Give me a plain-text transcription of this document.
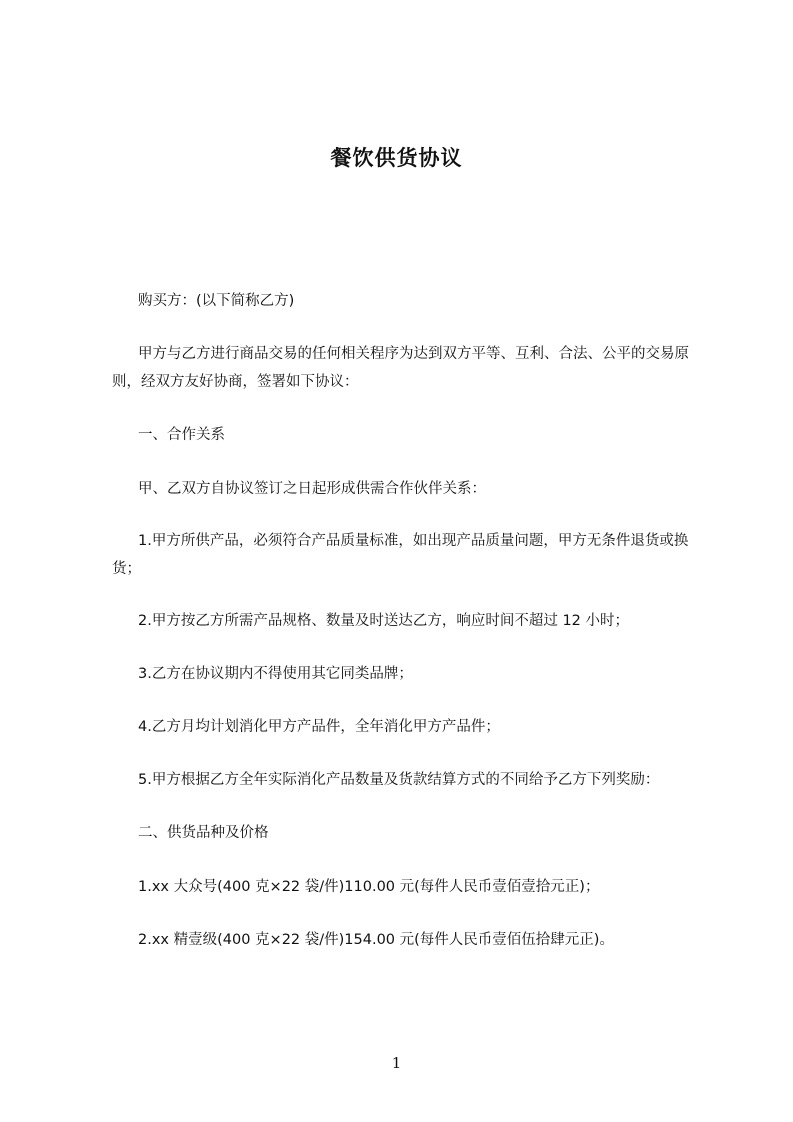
餐饮供货协议
购买方：(以下简称乙方)
甲方与乙方进行商品交易的任何相关程序为达到双方平等、互利、合法、公平的交易原则，经双方友好协商，签署如下协议：
一、合作关系
甲、乙双方自协议签订之日起形成供需合作伙伴关系：
1.甲方所供产品，必须符合产品质量标准，如出现产品质量问题，甲方无条件退货或换货；
2.甲方按乙方所需产品规格、数量及时送达乙方，响应时间不超过 12 小时；
3.乙方在协议期内不得使用其它同类品牌；
4.乙方月均计划消化甲方产品件，全年消化甲方产品件；
5.甲方根据乙方全年实际消化产品数量及货款结算方式的不同给予乙方下列奖励：
二、供货品种及价格
1.xx 大众号(400 克×22 袋/件)110.00 元(每件人民币壹佰壹拾元正)；
2.xx 精壹级(400 克×22 袋/件)154.00 元(每件人民币壹佰伍拾肆元正)。
1
